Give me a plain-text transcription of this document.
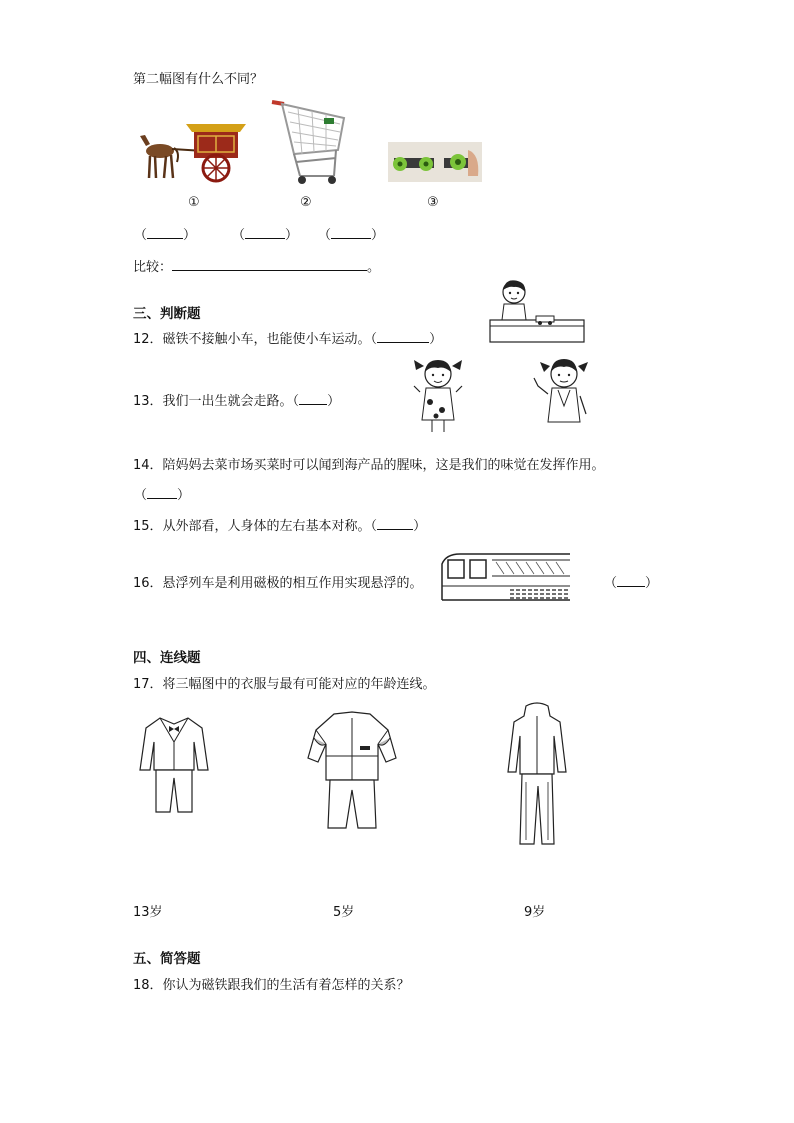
第二幅图有什么不同？
①	②	③
（	）	（	） （	）
比较：	。
三、判断题
12．磁铁不接触小车，也能使小车运动。（	）
13．我们一出生就会走路。（ ）
14．陪妈妈去菜市场买菜时可以闻到海产品的腥味，这是我们的味觉在发挥作用。
（ ）
15．从外部看，人身体的左右基本对称。（	）
16．悬浮列车是利用磁极的相互作用实现悬浮的。	（ ）
四、连线题
17．将三幅图中的衣服与最有可能对应的年龄连线。
13岁	5岁	9岁
五、简答题
18．你认为磁铁跟我们的生活有着怎样的关系？
